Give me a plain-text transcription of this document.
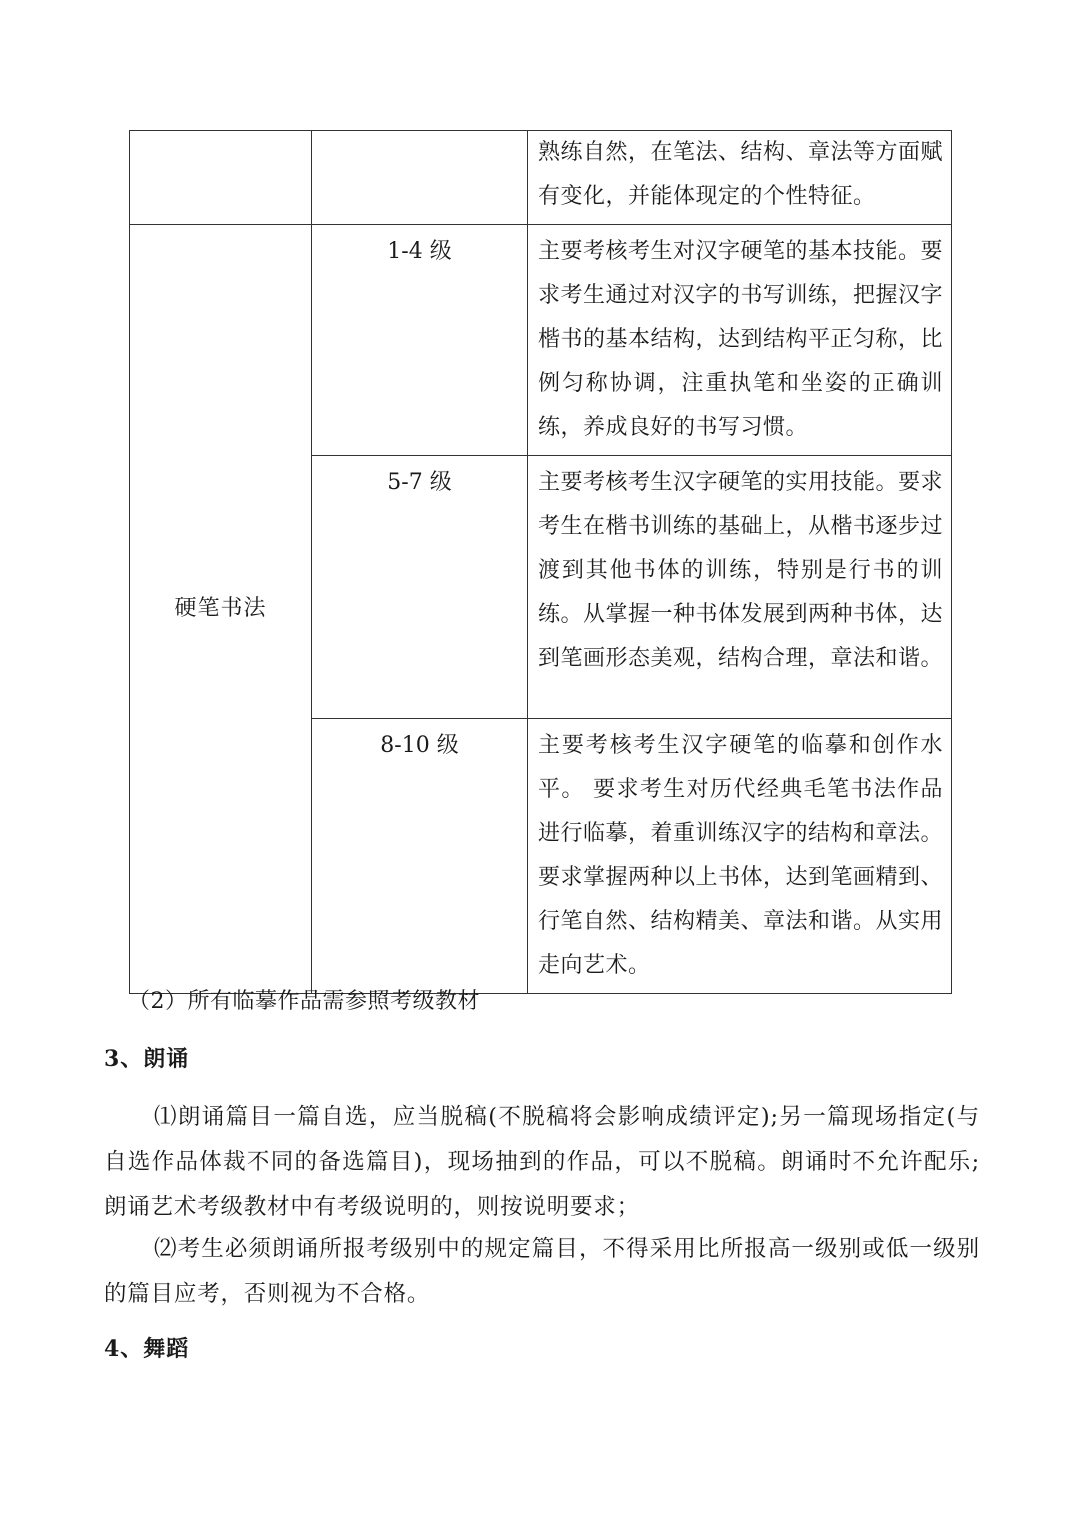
		熟练自然，在笔法、结构、章法等方面赋有变化，并能体现定的个性特征。
硬笔书法	1-4 级	主要考核考生对汉字硬笔的基本技能。要求考生通过对汉字的书写训练，把握汉字楷书的基本结构，达到结构平正匀称，比例匀称协调，注重执笔和坐姿的正确训练，养成良好的书写习惯。
	5-7 级	主要考核考生汉字硬笔的实用技能。要求考生在楷书训练的基础上，从楷书逐步过渡到其他书体的训练，特别是行书的训练。从掌握一种书体发展到两种书体，达到笔画形态美观，结构合理，章法和谐。
	8-10 级	主要考核考生汉字硬笔的临摹和创作水平。 要求考生对历代经典毛笔书法作品进行临摹，着重训练汉字的结构和章法。要求掌握两种以上书体，达到笔画精到、行笔自然、结构精美、章法和谐。从实用走向艺术。
（2）所有临摹作品需参照考级教材
3、朗诵
⑴朗诵篇目一篇自选，应当脱稿(不脱稿将会影响成绩评定);另一篇现场指定(与自选作品体裁不同的备选篇目)，现场抽到的作品，可以不脱稿。朗诵时不允许配乐;朗诵艺术考级教材中有考级说明的，则按说明要求；
⑵考生必须朗诵所报考级别中的规定篇目，不得采用比所报高一级别或低一级别的篇目应考，否则视为不合格。
4、舞蹈
